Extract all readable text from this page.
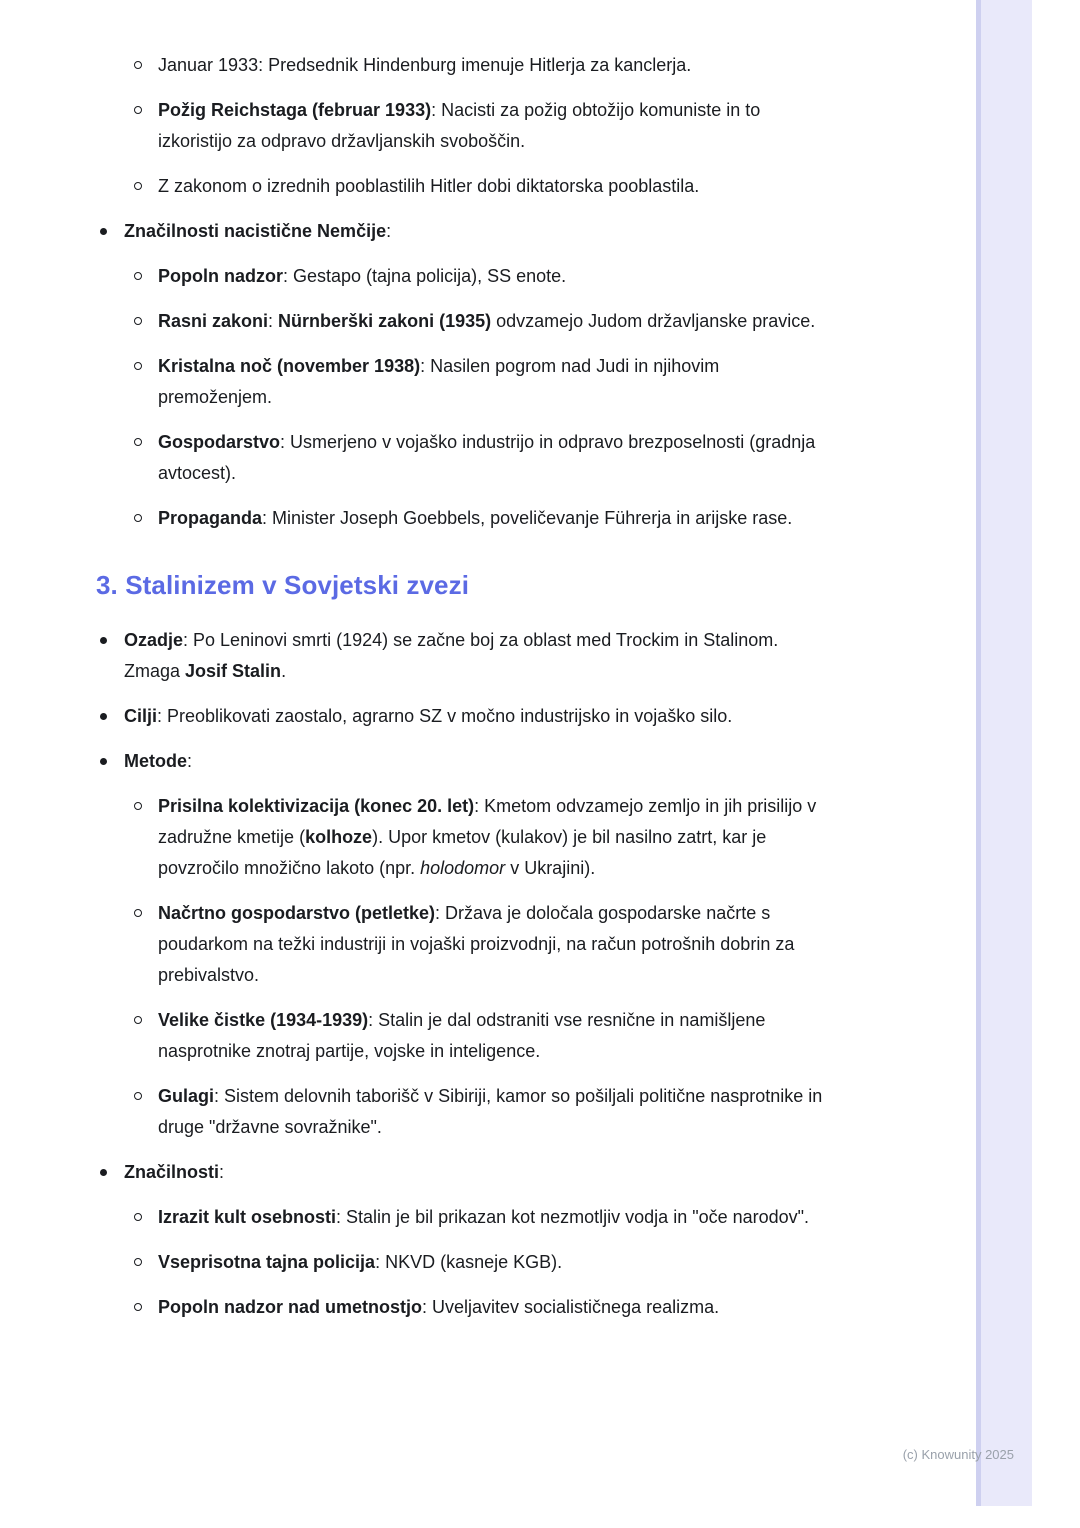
Januar 1933: Predsednik Hindenburg imenuje Hitlerja za kanclerja.
Požig Reichstaga (februar 1933): Nacisti za požig obtožijo komuniste in to izkoristijo za odpravo državljanskih svoboščin.
Z zakonom o izrednih pooblastilih Hitler dobi diktatorska pooblastila.
Značilnosti nacistične Nemčije:
Popoln nadzor: Gestapo (tajna policija), SS enote.
Rasni zakoni: Nürnberški zakoni (1935) odvzamejo Judom državljanske pravice.
Kristalna noč (november 1938): Nasilen pogrom nad Judi in njihovim premoženjem.
Gospodarstvo: Usmerjeno v vojaško industrijo in odpravo brezposelnosti (gradnja avtocest).
Propaganda: Minister Joseph Goebbels, poveličevanje Führerja in arijske rase.
3. Stalinizem v Sovjetski zvezi
Ozadje: Po Leninovi smrti (1924) se začne boj za oblast med Trockim in Stalinom. Zmaga Josif Stalin.
Cilji: Preoblikovati zaostalo, agrarno SZ v močno industrijsko in vojaško silo.
Metode:
Prisilna kolektivizacija (konec 20. let): Kmetom odvzamejo zemljo in jih prisilijo v zadružne kmetije (kolhoze). Upor kmetov (kulakov) je bil nasilno zatrt, kar je povzročilo množično lakoto (npr. holodomor v Ukrajini).
Načrtno gospodarstvo (petletke): Država je določala gospodarske načrte s poudarkom na težki industriji in vojaški proizvodnji, na račun potrošnih dobrin za prebivalstvo.
Velike čistke (1934-1939): Stalin je dal odstraniti vse resnične in namišljene nasprotnike znotraj partije, vojske in inteligence.
Gulagi: Sistem delovnih taborišč v Sibiriji, kamor so pošiljali politične nasprotnike in druge "državne sovražnike".
Značilnosti:
Izrazit kult osebnosti: Stalin je bil prikazan kot nezmotljiv vodja in "oče narodov".
Vseprisotna tajna policija: NKVD (kasneje KGB).
Popoln nadzor nad umetnostjo: Uveljavitev socialističnega realizma.
(c) Knowunity 2025
